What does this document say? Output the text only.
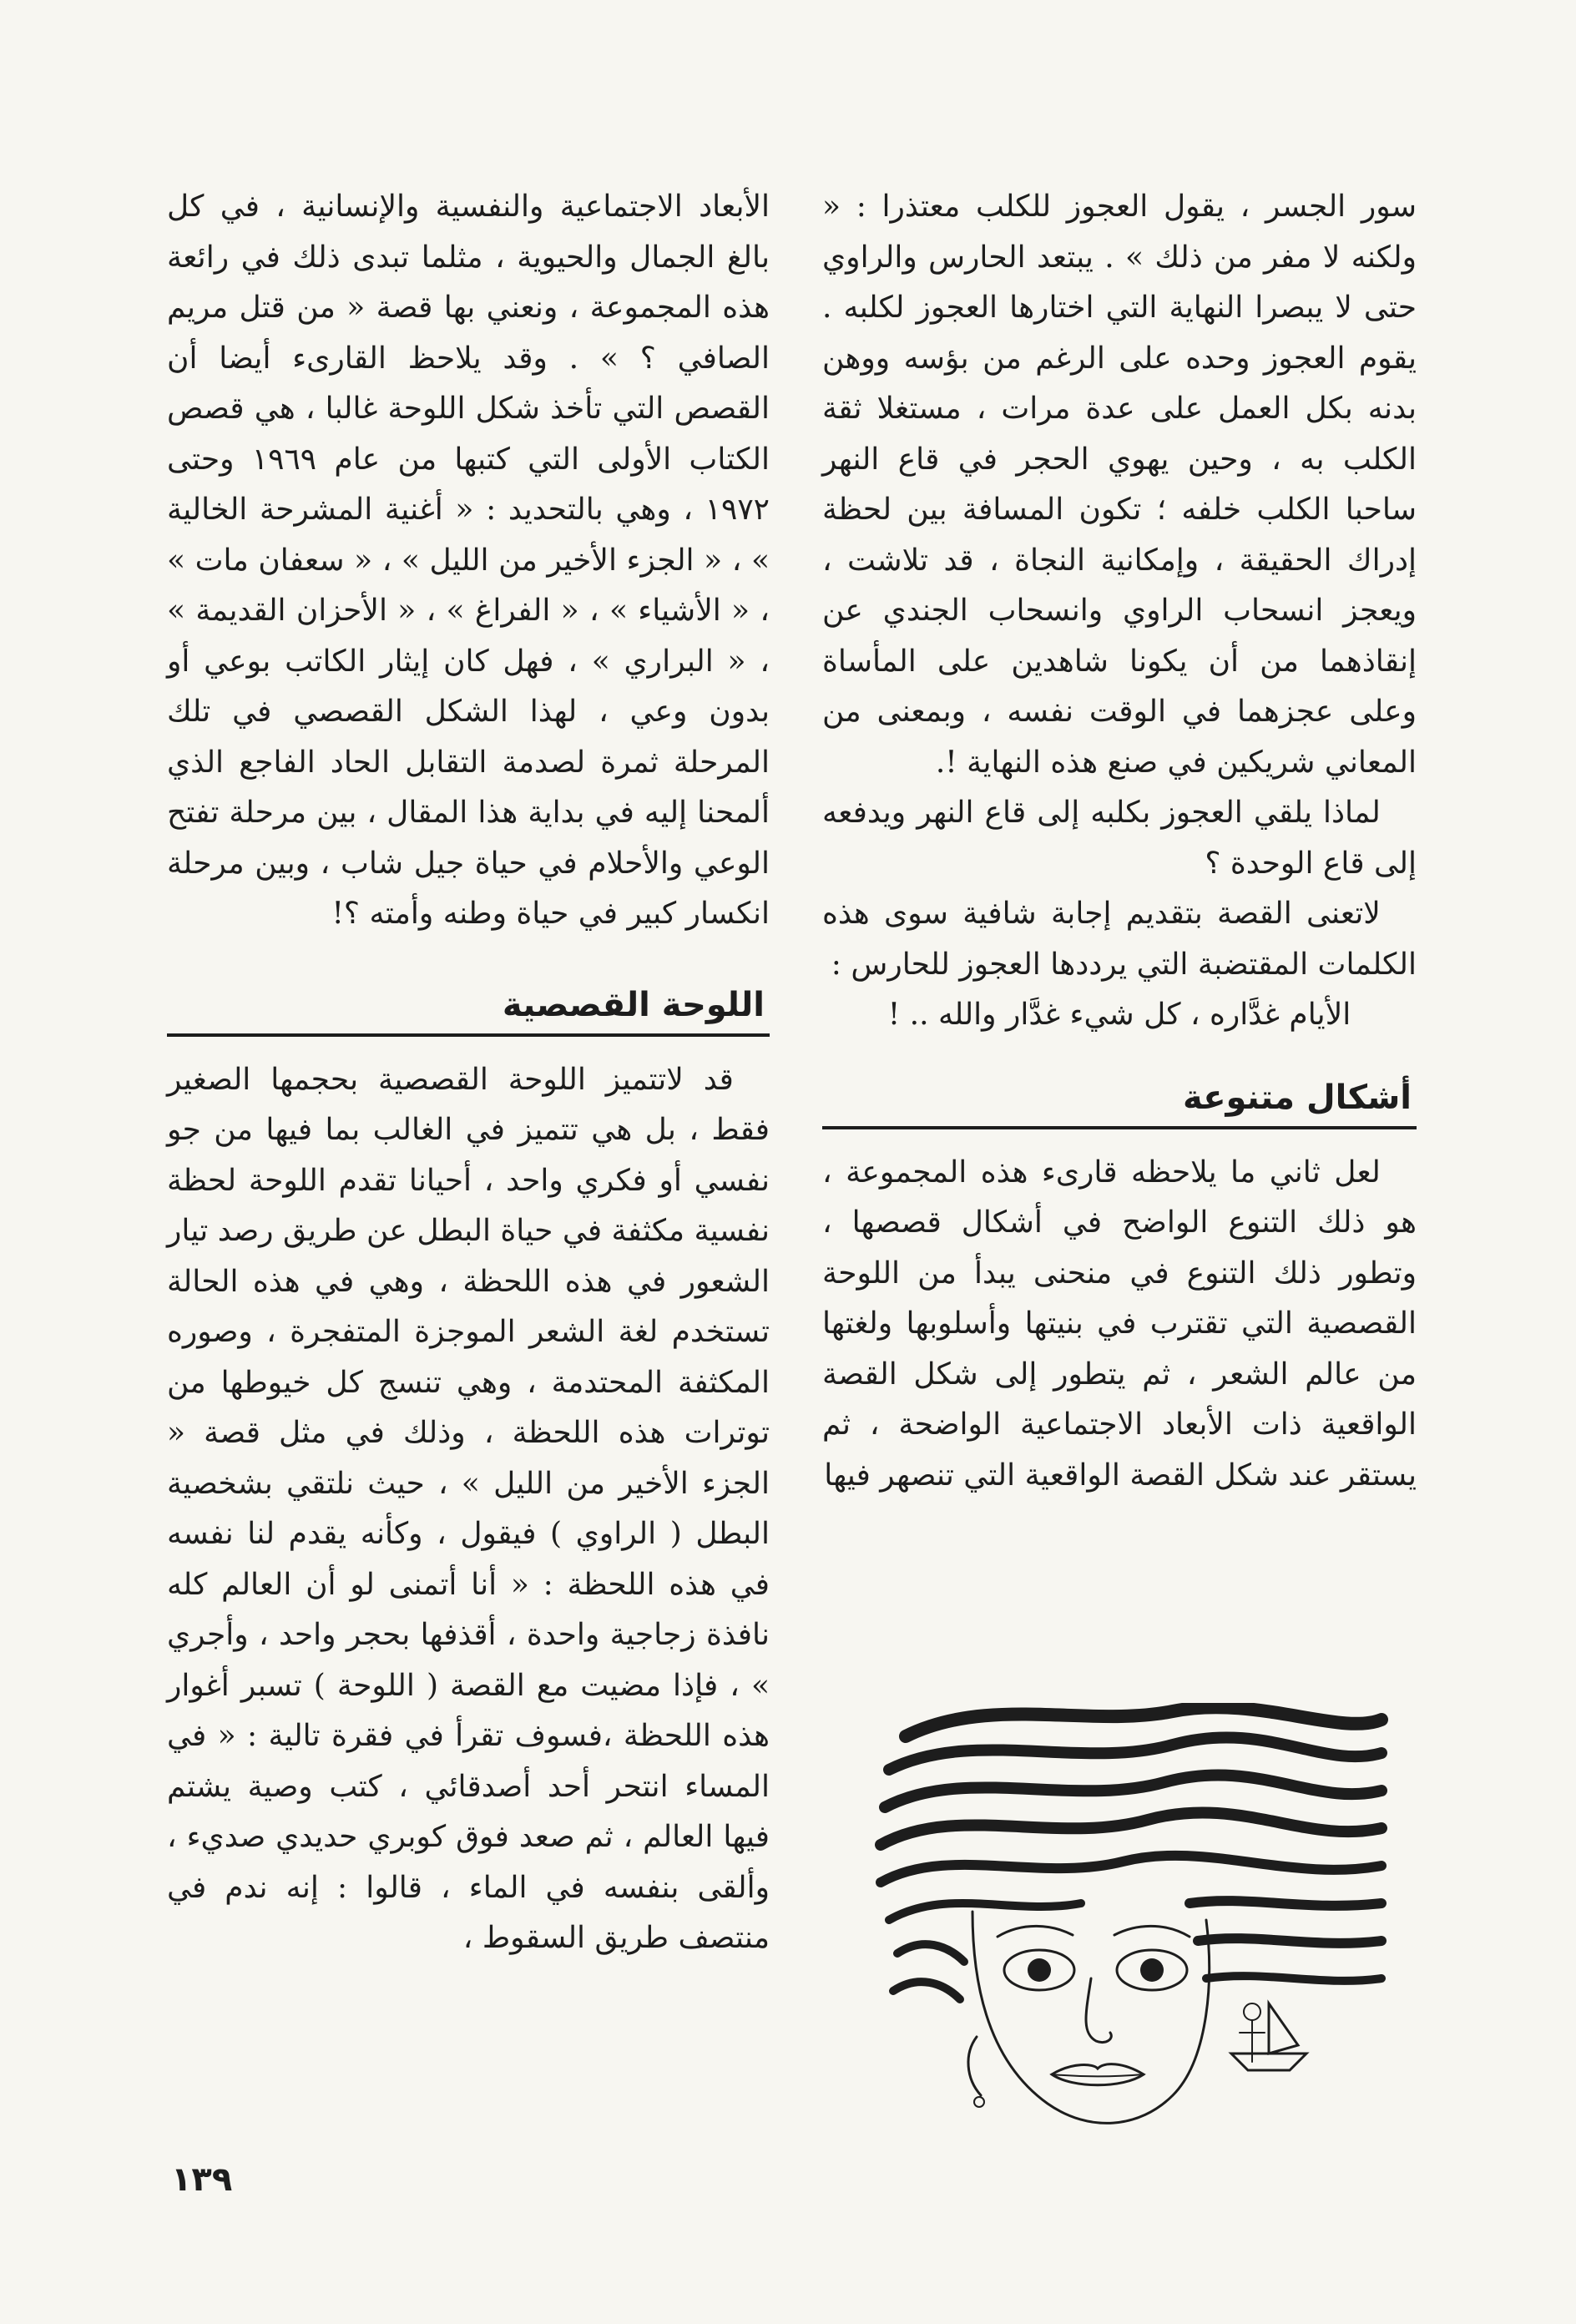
سور الجسر ، يقول العجوز للكلب معتذرا : « ولكنه لا مفر من ذلك » . يبتعد الحارس والراوي حتى لا يبصرا النهاية التي اختارها العجوز لكلبه . يقوم العجوز وحده على الرغم من بؤسه ووهن بدنه بكل العمل على عدة مرات ، مستغلا ثقة الكلب به ، وحين يهوي الحجر في قاع النهر ساحبا الكلب خلفه ؛ تكون المسافة بين لحظة إدراك الحقيقة ، وإمكانية النجاة ، قد تلاشت ، ويعجز انسحاب الراوي وانسحاب الجندي عن إنقاذهما من أن يكونا شاهدين على المأساة وعلى عجزهما في الوقت نفسه ، وبمعنى من المعاني شريكين في صنع هذه النهاية !.

لماذا يلقي العجوز بكلبه إلى قاع النهر ويدفعه إلى قاع الوحدة ؟

لاتعنى القصة بتقديم إجابة شافية سوى هذه الكلمات المقتضبة التي يرددها العجوز للحارس :

الأيام غدَّاره ، كل شيء غدَّار والله .. !

أشكال متنوعة

لعل ثاني ما يلاحظه قارىء هذه المجموعة ، هو ذلك التنوع الواضح في أشكال قصصها ، وتطور ذلك التنوع في منحنى يبدأ من اللوحة القصصية التي تقترب في بنيتها وأسلوبها ولغتها من عالم الشعر ، ثم يتطور إلى شكل القصة الواقعية ذات الأبعاد الاجتماعية الواضحة ، ثم يستقر عند شكل القصة الواقعية التي تنصهر فيها

الأبعاد الاجتماعية والنفسية والإنسانية ، في كل بالغ الجمال والحيوية ، مثلما تبدى ذلك في رائعة هذه المجموعة ، ونعني بها قصة « من قتل مريم الصافي ؟ » . وقد يلاحظ القارىء أيضا أن القصص التي تأخذ شكل اللوحة غالبا ، هي قصص الكتاب الأولى التي كتبها من عام ١٩٦٩ وحتى ١٩٧٢ ، وهي بالتحديد : « أغنية المشرحة الخالية » ، « الجزء الأخير من الليل » ، « سعفان مات » ، « الأشياء » ، « الفراغ » ، « الأحزان القديمة » ، « البراري » ، فهل كان إيثار الكاتب بوعي أو بدون وعي ، لهذا الشكل القصصي في تلك المرحلة ثمرة لصدمة التقابل الحاد الفاجع الذي ألمحنا إليه في بداية هذا المقال ، بين مرحلة تفتح الوعي والأحلام في حياة جيل شاب ، وبين مرحلة انكسار كبير في حياة وطنه وأمته ؟!

اللوحة القصصية

قد لاتتميز اللوحة القصصية بحجمها الصغير فقط ، بل هي تتميز في الغالب بما فيها من جو نفسي أو فكري واحد ، أحيانا تقدم اللوحة لحظة نفسية مكثفة في حياة البطل عن طريق رصد تيار الشعور في هذه اللحظة ، وهي في هذه الحالة تستخدم لغة الشعر الموجزة المتفجرة ، وصوره المكثفة المحتدمة ، وهي تنسج كل خيوطها من توترات هذه اللحظة ، وذلك في مثل قصة « الجزء الأخير من الليل » ، حيث نلتقي بشخصية البطل ( الراوي ) فيقول ، وكأنه يقدم لنا نفسه في هذه اللحظة : « أنا أتمنى لو أن العالم كله نافذة زجاجية واحدة ، أقذفها بحجر واحد ، وأجري » ، فإذا مضيت مع القصة ( اللوحة ) تسبر أغوار هذه اللحظة ،فسوف تقرأ في فقرة تالية : « في المساء انتحر أحد أصدقائي ، كتب وصية يشتم فيها العالم ، ثم صعد فوق كوبري حديدي صديء ، وألقى بنفسه في الماء ، قالوا : إنه ندم في منتصف طريق السقوط ،

١٣٩
